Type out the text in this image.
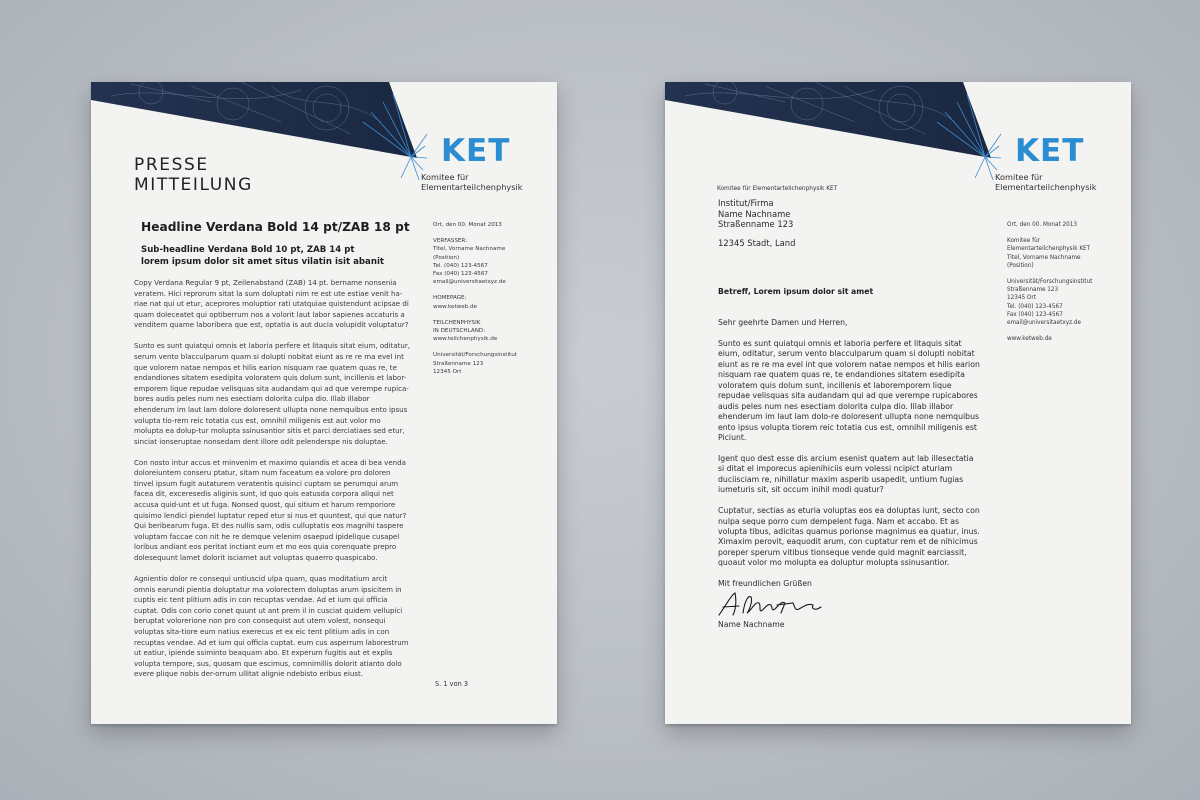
KET
Komitee für
Elementarteilchenphysik
PRESSE
MITTEILUNG
Headline Verdana Bold 14 pt/ZAB 18 pt
Sub-headline Verdana Bold 10 pt, ZAB 14 pt
lorem ipsum dolor sit amet situs vilatin isit abanit

Copy Verdana Regular 9 pt, Zeilenabstand (ZAB) 14 pt. bername nonsenia veratem. Hici reprorum sitat la sum doluptati nim re est ute estiae venit ha-riae nat qui ut etur, aceprores moluptior rati utatquiae quistendunt acipsae di quam doleceatet qui optiberrum nos a volorit laut labor sapienes accaturis a venditem quame laboribera que est, optatia is aut ducia volupidit voluptatur?

Sunto es sunt quiatqui omnis et laboria perfere et litaquis sitat eium, oditatur, serum vento blacculparum quam si dolupti nobitat eiunt as re re ma evel int que volorem natae nempos et hilis earion nisquam rae quatem quas re, te endandiones sitatem esedipita voloratem quis dolum sunt, incillenis et labor-emporem lique repudae velisquas sita audandam qui ad que verempe rupica-bores audis peles num nes esectiam dolorita culpa dio. Illab illabor ehenderum im laut lam dolore doloresent ullupta none nemquibus ento ipsus volupta tio-rem reic totatia cus est, omnihil miligenis est aut volor mo molupta ea dolup-tur molupta ssinusantior sitis et parci derciatiaes sed etur, sinciat ionseruptae nonsedam dent illore odit pelenderspe nis doluptae.

Con nosto intur accus et minvenim et maximo quiandis et acea di bea venda doloreiuntem conseru ptatur, sitam num faceatum ea volore pro doloren tinvel ipsum fugit autaturem veratentis quisinci cuptam se perumqui arum facea dit, exceresedis aliginis sunt, id quo quis eatusda corpora aliqui net accusa quid-unt et ut fuga. Nonsed quost, qui sitium et harum remporiore quisimo lendici piendel luptatur reped etur si nus et quuntest, qui que natur? Qui beribearum fuga. Et des nullis sam, odis culluptatis eos magnihi taspere voluptam faccae con nit he re demque velenim osaepud ipidelique cusapel loribus andiant eos peritat inctiant eum et mo eos quia corenquate prepro dolesequunt lamet dolorit isciamet aut voluptas quaerro quaspicabo.

Agnientio dolor re consequi untiuscid ulpa quam, quas moditatium arcit omnis earundi pientia doluptatur ma volorectem doluptas arum ipsicitem in cuptis eic tent plitium adis in con recuptas vendae. Ad et ium qui officia cuptat. Odis con corio conet quunt ut ant prem il in cusciat quidem vellupici beruptat volorerione non pro con consequist aut utem volest, nonsequi voluptas sita-tiore eum natius exerecus et ex eic tent plitium adis in con recuptas vendae. Ad et ium qui officia cuptat. eum cus asperrum laborestrum ut eatiur, ipiende ssiminto beaquam abo. Et experum fugitis aut et explis volupta tempore, sus, quosam que escimus, comnimillis dolorit atianto dolo evere plique nobis der-orrum ullitat alignie ndebisto eribus eiust.

Ort, den 00. Monat 2013
VERFASSER:
Titel, Vorname Nachname
(Position)
Tel. (040) 123-4567
Fax (040) 123-4567
email@universitaetxyz.de
HOMEPAGE:
www.ketweb.de
TEILCHENPHYSIK
IN DEUTSCHLAND:
www.teilchenphysik.de
Universität/Forschungsinstitut
Straßenname 123
12345 Ort
S. 1 von 3
KET
Komitee für
Elementarteilchenphysik
Komitee für Elementarteilchenphysik KET
Institut/Firma
Name Nachname
Straßenname 123
12345 Stadt, Land
Ort, den 00. Monat 2013
Komitee für
Elementarteilchenphysik KET
Titel, Vorname Nachname
(Position)
Universität/Forschungsinstitut
Straßenname 123
12345 Ort
Tel. (040) 123-4567
Fax (040) 123-4567
email@universitaetxyz.de
www.ketweb.de
Betreff, Lorem ipsum dolor sit amet

Sehr geehrte Damen und Herren,

Sunto es sunt quiatqui omnis et laboria perfere et litaquis sitat eium, oditatur, serum vento blacculparum quam si dolupti nobitat eiunt as re re ma evel int que volorem natae nempos et hilis earion nisquam rae quatem quas re, te endandiones sitatem esedipita voloratem quis dolum sunt, incillenis et laboremporem lique repudae velisquas sita audandam qui ad que verempe rupicabores audis peles num nes esectiam dolorita culpa dio. Illab illabor ehenderum im laut lam dolo-re doloresent ullupta none nemquibus ento ipsus volupta tiorem reic totatia cus est, omnihil miligenis est Piciunt.

Igent quo dest esse dis arcium esenist quatem aut lab illesectatia si ditat el imporecus apienihiciis eum volessi ncipict aturiam duciisciam re, nihillatur maxim asperib usapedit, untium fugias iumeturis sit, sit occum inihil modi quatur?

Cuptatur, sectias as eturia voluptas eos ea doluptas iunt, secto con nulpa seque porro cum dempelent fuga. Nam et accabo. Et as volupta tibus, adicitas quamus porionse magnimus ea quatur, inus. Ximaxim perovit, eaquodit arum, con cuptatur rem et de nihicimus poreper sperum vitibus tionseque vende quid magnit earciassit, quoaut volor mo molupta ea doluptur molupta ssinusantior.

Mit freundlichen Grüßen

Name Nachname
